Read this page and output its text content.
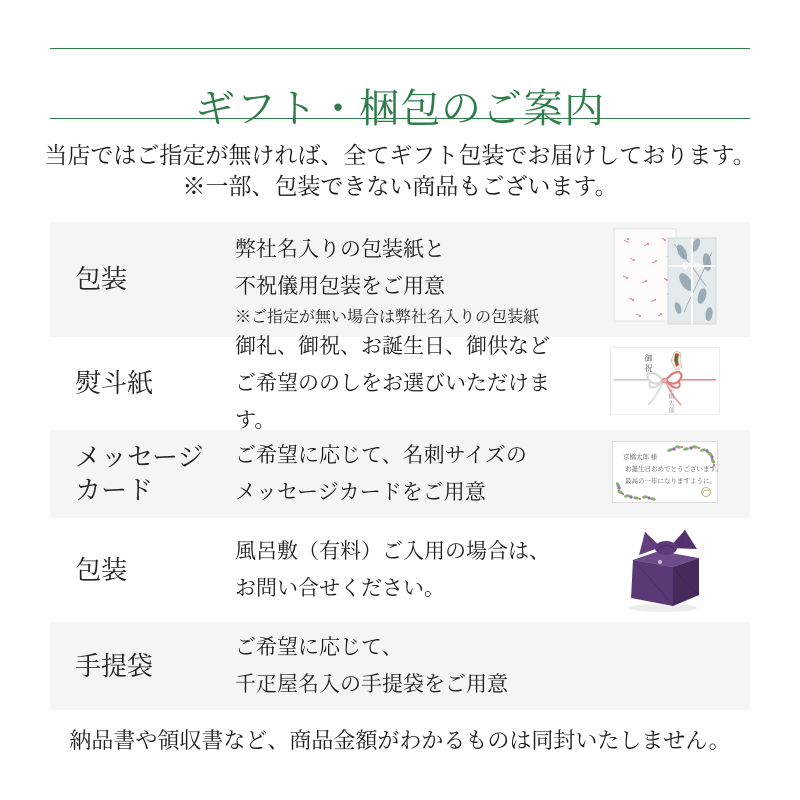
ギフト・梱包のご案内
当店ではご指定が無ければ、全てギフト包装でお届けしております。
※一部、包装できない商品もございます。
包装
弊社名入りの包装紙と
不祝儀用包装をご用意
※ご指定が無い場合は弊社名入りの包装紙
熨斗紙
御礼、御祝、お誕生日、御供など
ご希望ののしをお選びいただけます。
御祝
京橋太郎
メッセージ
カード
ご希望に応じて、名刺サイズの
メッセージカードをご用意
京橋太郎 様
お誕生日おめでとうございます。
最高の一年になりますように。
包装
風呂敷（有料）ご入用の場合は、
お問い合せください。
手提袋
ご希望に応じて、
千疋屋名入の手提袋をご用意
納品書や領収書など、商品金額がわかるものは同封いたしません。
